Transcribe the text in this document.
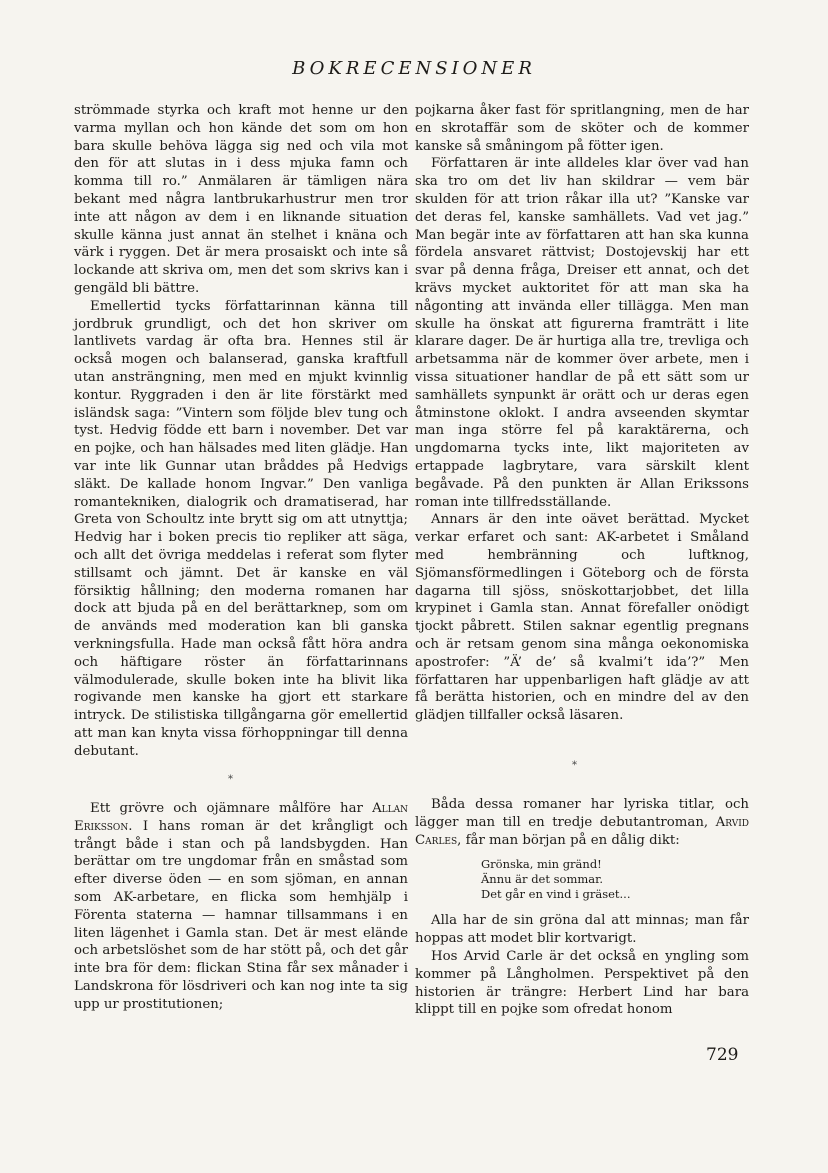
BOKRECENSIONER

strömmade styrka och kraft mot henne ur den varma myllan och hon kände det som om hon bara skulle behöva lägga sig ned och vila mot den för att slutas in i dess mjuka famn och komma till ro.” Anmälaren är tämligen nära bekant med några lantbrukarhustrur men tror inte att någon av dem i en liknande situation skulle känna just annat än stelhet i knäna och värk i ryggen. Det är mera prosaiskt och inte så lockande att skriva om, men det som skrivs kan i gengäld bli bättre.

Emellertid tycks författarinnan känna till jordbruk grundligt, och det hon skriver om lantlivets vardag är ofta bra. Hennes stil är också mogen och balanserad, ganska kraftfull utan ansträngning, men med en mjukt kvinnlig kontur. Ryggraden i den är lite förstärkt med isländsk saga: ”Vintern som följde blev tung och tyst. Hedvig födde ett barn i november. Det var en pojke, och han hälsades med liten glädje. Han var inte lik Gunnar utan bråddes på Hedvigs släkt. De kallade honom Ingvar.” Den vanliga romantekniken, dialogrik och dramatiserad, har Greta von Schoultz inte brytt sig om att utnyttja; Hedvig har i boken precis tio repliker att säga, och allt det övriga meddelas i referat som flyter stillsamt och jämnt. Det är kanske en väl försiktig hållning; den moderna romanen har dock att bjuda på en del berättarknep, som om de används med moderation kan bli ganska verkningsfulla. Hade man också fått höra andra och häftigare röster än författarinnans välmodulerade, skulle boken inte ha blivit lika rogivande men kanske ha gjort ett starkare intryck. De stilistiska tillgångarna gör emellertid att man kan knyta vissa förhoppningar till denna debutant.

*

Ett grövre och ojämnare målföre har Allan Eriksson. I hans roman är det krångligt och trångt både i stan och på landsbygden. Han berättar om tre ungdomar från en småstad som efter diverse öden — en som sjöman, en annan som AK-arbetare, en flicka som hemhjälp i Förenta staterna — hamnar tillsammans i en liten lägenhet i Gamla stan. Det är mest elände och arbetslöshet som de har stött på, och det går inte bra för dem: flickan Stina får sex månader i Landskrona för lösdriveri och kan nog inte ta sig upp ur prostitutionen;

pojkarna åker fast för spritlangning, men de har en skrotaffär som de sköter och de kommer kanske så småningom på fötter igen.

Författaren är inte alldeles klar över vad han ska tro om det liv han skildrar — vem bär skulden för att trion råkar illa ut? ”Kanske var det deras fel, kanske samhällets. Vad vet jag.” Man begär inte av författaren att han ska kunna fördela ansvaret rättvist; Dostojevskij har ett svar på denna fråga, Dreiser ett annat, och det krävs mycket auktoritet för att man ska ha någonting att invända eller tillägga. Men man skulle ha önskat att figurerna framträtt i lite klarare dager. De är hurtiga alla tre, trevliga och arbetsamma när de kommer över arbete, men i vissa situationer handlar de på ett sätt som ur samhällets synpunkt är orätt och ur deras egen åtminstone oklokt. I andra avseenden skymtar man inga större fel på karaktärerna, och ungdomarna tycks inte, likt majoriteten av ertappade lagbrytare, vara särskilt klent begåvade. På den punkten är Allan Erikssons roman inte tillfredsställande.

Annars är den inte oävet berättad. Mycket verkar erfaret och sant: AK-arbetet i Småland med hembränning och luftknog, Sjömansförmedlingen i Göteborg och de första dagarna till sjöss, snöskottarjobbet, det lilla krypinet i Gamla stan. Annat förefaller onödigt tjockt påbrett. Stilen saknar egentlig pregnans och är retsam genom sina många oekonomiska apostrofer: ”Ä’ de’ så kvalmi’t ida’?” Men författaren har uppenbarligen haft glädje av att få berätta historien, och en mindre del av den glädjen tillfaller också läsaren.

*

Båda dessa romaner har lyriska titlar, och lägger man till en tredje debutantroman, Arvid Carles, får man början på en dålig dikt:

Grönska, min gränd!
Ännu är det sommar.
Det går en vind i gräset...

Alla har de sin gröna dal att minnas; man får hoppas att modet blir kortvarigt.

Hos Arvid Carle är det också en yngling som kommer på Långholmen. Perspektivet på den historien är trängre: Herbert Lind har bara klippt till en pojke som ofredat honom

729
